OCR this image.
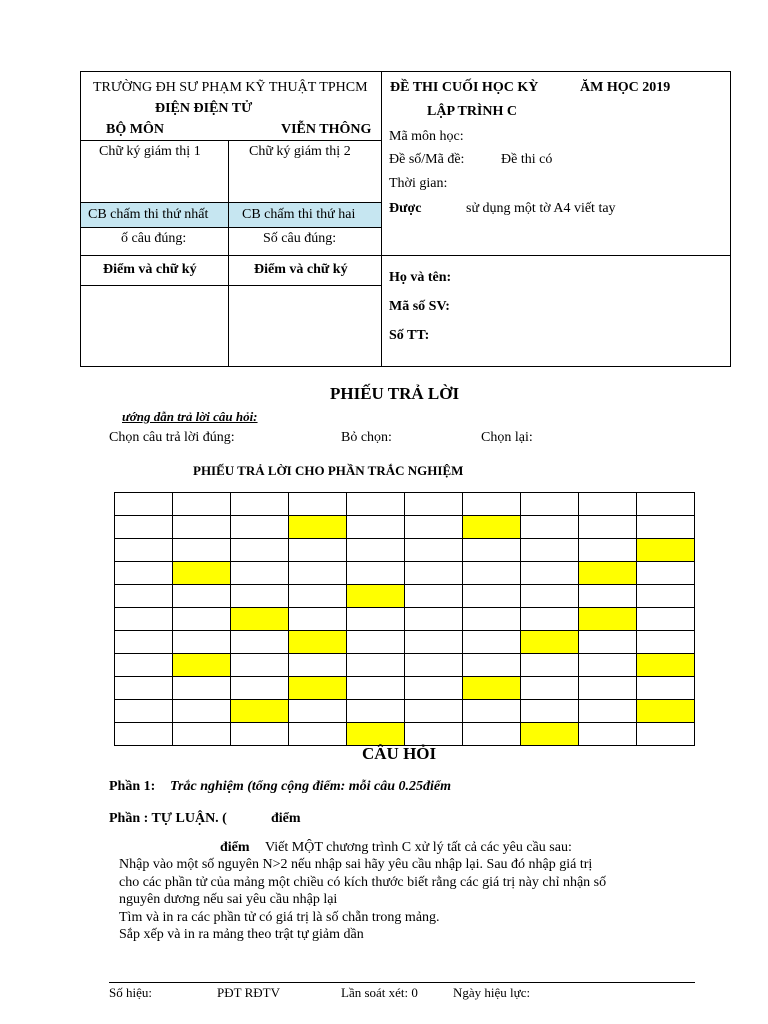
TRƯỜNG ĐH SƯ PHẠM KỸ THUẬT TPHCM
ĐIỆN ĐIỆN TỬ
BỘ MÔN	VIỄN THÔNG
ĐỀ THI CUỐI HỌC KỲ	ĂM HỌC 2019
LẬP TRÌNH C
Mã môn học:
Đề số/Mã đề:	Đề thi có
Thời gian:
Được	sử dụng một tờ A4 viết tay
Chữ ký giám thị 1	Chữ ký giám thị 2
CB chấm thi thứ nhất CB chấm thi thứ hai
ố câu đúng:	Số câu đúng:
Điểm và chữ ký	Điểm và chữ ký
Họ và tên:
Mã số SV:
Số TT:
PHIẾU TRẢ LỜI
ướng dẫn trả lời câu hỏi:
Chọn câu trả lời đúng:	Bỏ chọn:	Chọn lại:
PHIẾU TRẢ LỜI CHO PHẦN TRẮC NGHIỆM

CÂU HỎI
Phần 1: Trắc nghiệm (tổng cộng điểm: mỗi câu 0.25điểm
Phần : TỰ LUẬN. (	điểm
điểm Viết MỘT chương trình C xử lý tất cả các yêu cầu sau:
Nhập vào một số nguyên N>2 nếu nhập sai hãy yêu cầu nhập lại. Sau đó nhập giá trị
cho các phần tử của mảng một chiều có kích thước biết rằng các giá trị này chỉ nhận số
nguyên dương nếu sai yêu cầu nhập lại
Tìm và in ra các phần tử có giá trị là số chẵn trong mảng.
Sắp xếp và in ra mảng theo trật tự giảm dần
Số hiệu:	PĐT RĐTV	Lần soát xét: 0	Ngày hiệu lực:
